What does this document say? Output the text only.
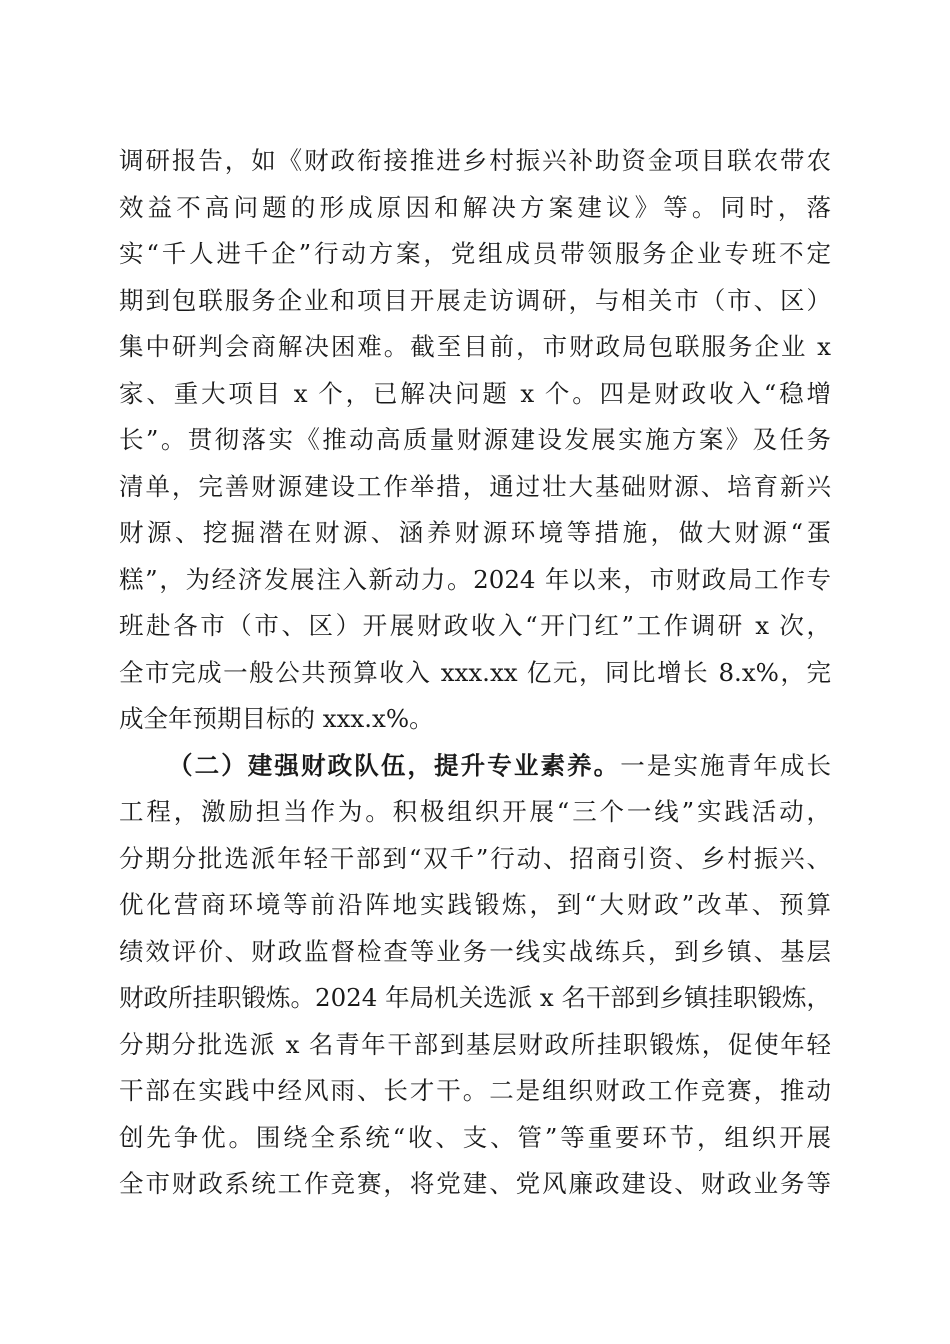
调研报告，如《财政衔接推进乡村振兴补助资金项目联农带农
效益不高问题的形成原因和解决方案建议》等。同时，落
实“千人进千企”行动方案，党组成员带领服务企业专班不定
期到包联服务企业和项目开展走访调研，与相关市（市、区）
集中研判会商解决困难。截至目前，市财政局包联服务企业 x
家、重大项目 x 个，已解决问题 x 个。四是财政收入“稳增
长”。贯彻落实《推动高质量财源建设发展实施方案》及任务
清单，完善财源建设工作举措，通过壮大基础财源、培育新兴
财源、挖掘潜在财源、涵养财源环境等措施，做大财源“蛋
糕”，为经济发展注入新动力。2024 年以来，市财政局工作专
班赴各市（市、区）开展财政收入“开门红”工作调研 x 次，
全市完成一般公共预算收入 xxx.xx 亿元，同比增长 8.x%，完
成全年预期目标的 xxx.x%。
（二）建强财政队伍，提升专业素养。一是实施青年成长
工程，激励担当作为。积极组织开展“三个一线”实践活动，
分期分批选派年轻干部到“双千”行动、招商引资、乡村振兴、
优化营商环境等前沿阵地实践锻炼，到“大财政”改革、预算
绩效评价、财政监督检查等业务一线实战练兵，到乡镇、基层
财政所挂职锻炼。2024 年局机关选派 x 名干部到乡镇挂职锻炼，
分期分批选派 x 名青年干部到基层财政所挂职锻炼，促使年轻
干部在实践中经风雨、长才干。二是组织财政工作竞赛，推动
创先争优。围绕全系统“收、支、管”等重要环节，组织开展
全市财政系统工作竞赛，将党建、党风廉政建设、财政业务等
